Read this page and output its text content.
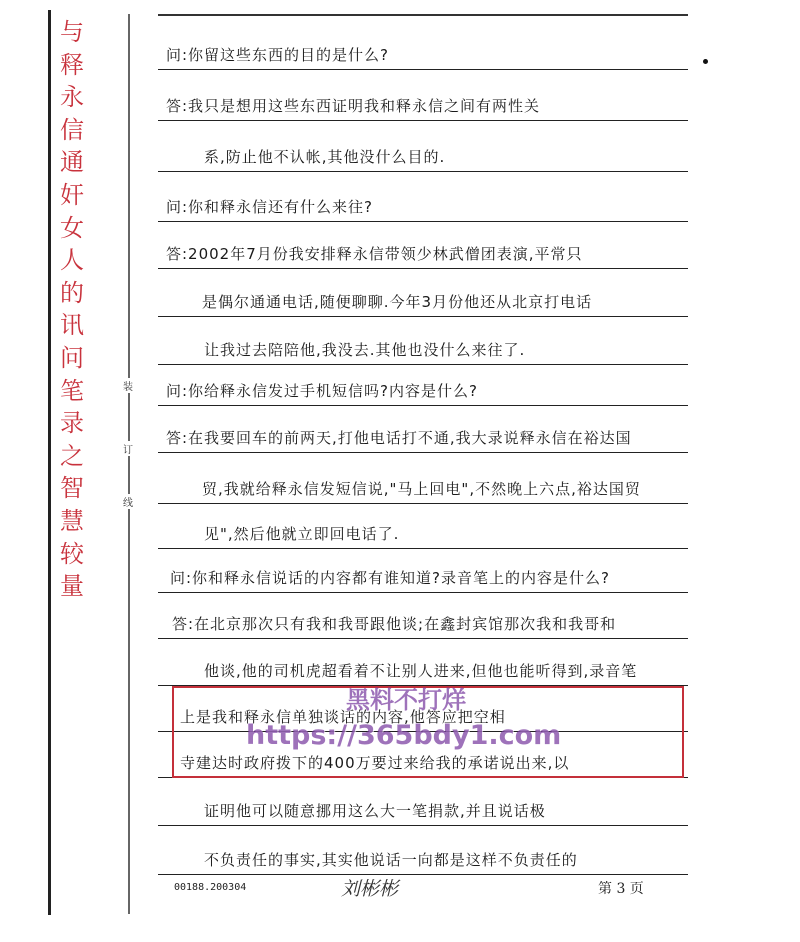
与
释
永
信
通
奸
女
人
的
讯
问
笔
录
之
智
慧
较
量
装
订
线
问:你留这些东西的目的是什么?
答:我只是想用这些东西证明我和释永信之间有两性关
系,防止他不认帐,其他没什么目的.
问:你和释永信还有什么来往?
答:2002年7月份我安排释永信带领少林武僧团表演,平常只
是偶尔通通电话,随便聊聊.今年3月份他还从北京打电话
让我过去陪陪他,我没去.其他也没什么来往了.
问:你给释永信发过手机短信吗?内容是什么?
答:在我要回车的前两天,打他电话打不通,我大录说释永信在裕达国
贸,我就给释永信发短信说,"马上回电",不然晚上六点,裕达国贸
见",然后他就立即回电话了.
问:你和释永信说话的内容都有谁知道?录音笔上的内容是什么?
答:在北京那次只有我和我哥跟他谈;在鑫封宾馆那次我和我哥和
他谈,他的司机虎超看着不让别人进来,但他也能听得到,录音笔
上是我和释永信单独谈话的内容,他答应把空相
寺建达时政府拨下的400万要过来给我的承诺说出来,以
证明他可以随意挪用这么大一笔捐款,并且说话极
不负责任的事实,其实他说话一向都是这样不负责任的
黑料不打烊
https://365bdy1.com
00188.200304	刘彬彬	第 3 页
